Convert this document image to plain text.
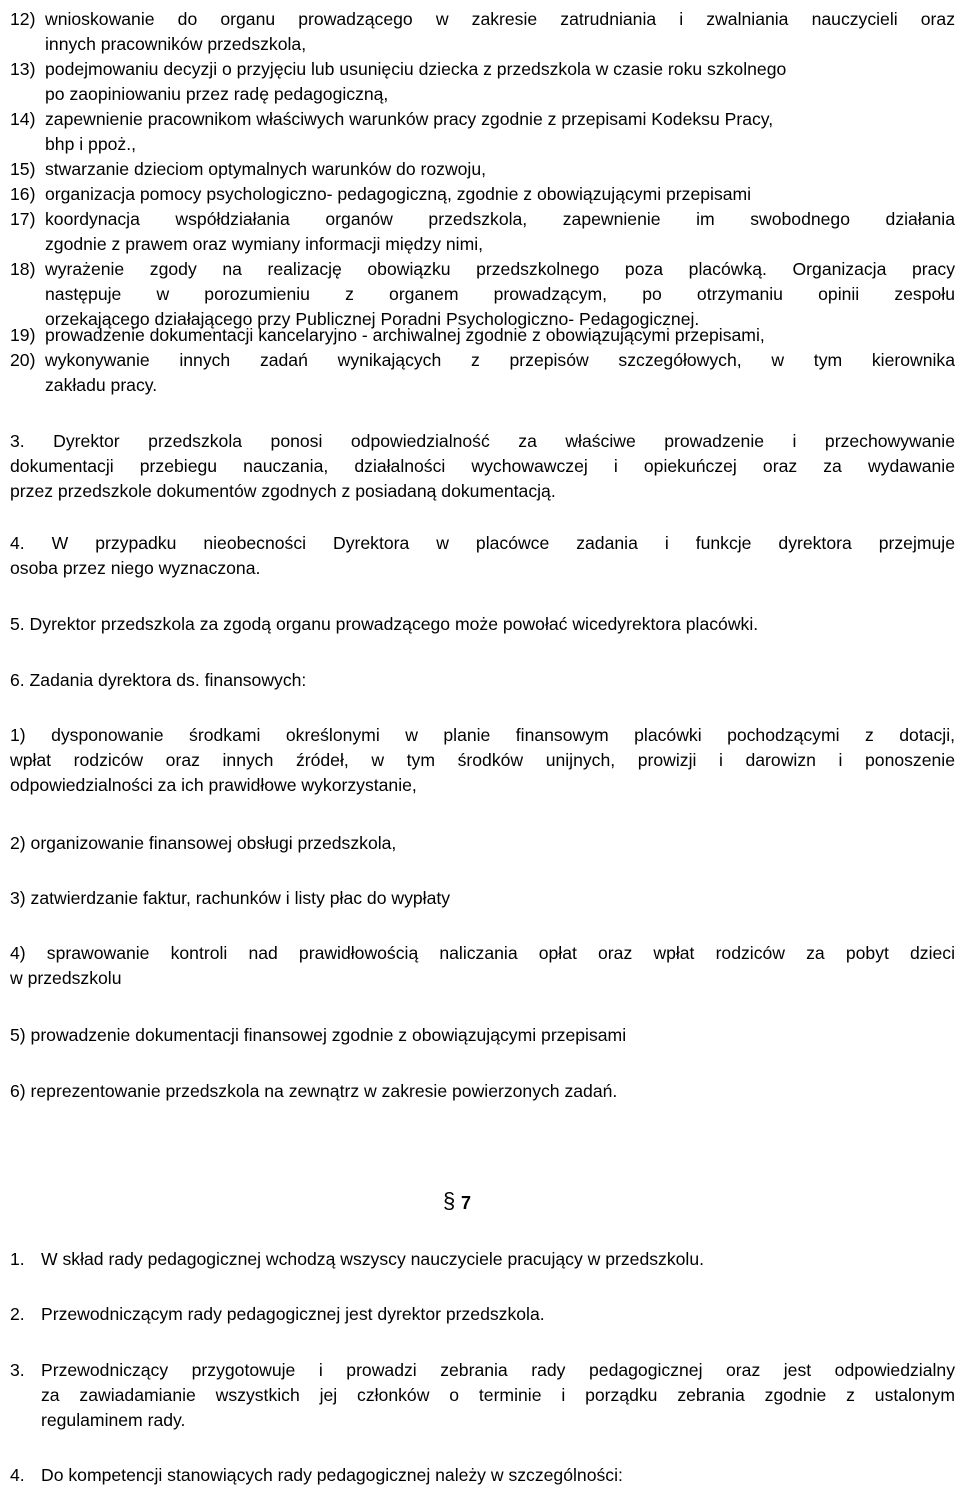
12) wnioskowanie do organu prowadzącego w zakresie zatrudniania i zwalniania nauczycieli oraz
innych pracowników przedszkola,
13) podejmowaniu decyzji o przyjęciu lub usunięciu dziecka z przedszkola w czasie roku szkolnego
po zaopiniowaniu przez radę pedagogiczną,
14) zapewnienie pracownikom właściwych warunków pracy zgodnie z przepisami Kodeksu Pracy,
bhp i ppoż.,
15) stwarzanie dzieciom optymalnych warunków do rozwoju,
16) organizacja pomocy psychologiczno- pedagogiczną, zgodnie z obowiązującymi przepisami
17) koordynacja współdziałania organów przedszkola, zapewnienie im swobodnego działania
zgodnie z prawem oraz wymiany informacji między nimi,
18) wyrażenie zgody na realizację obowiązku przedszkolnego poza placówką. Organizacja pracy
następuje w porozumieniu z organem prowadzącym, po otrzymaniu opinii zespołu
orzekającego działającego przy Publicznej Poradni Psychologiczno- Pedagogicznej.
19) prowadzenie dokumentacji kancelaryjno - archiwalnej zgodnie z obowiązującymi przepisami,
20) wykonywanie innych zadań wynikających z przepisów szczegółowych, w tym kierownika
zakładu pracy.
3. Dyrektor przedszkola ponosi odpowiedzialność za właściwe prowadzenie i przechowywanie
dokumentacji przebiegu nauczania, działalności wychowawczej i opiekuńczej oraz za wydawanie
przez przedszkole dokumentów zgodnych z posiadaną dokumentacją.
4. W przypadku nieobecności Dyrektora w placówce zadania i funkcje dyrektora przejmuje
osoba przez niego wyznaczona.
5. Dyrektor przedszkola za zgodą organu prowadzącego może powołać wicedyrektora placówki.
6. Zadania dyrektora ds. finansowych:
1) dysponowanie środkami określonymi w planie finansowym placówki pochodzącymi z dotacji,
wpłat rodziców oraz innych źródeł, w tym środków unijnych, prowizji i darowizn i ponoszenie
odpowiedzialności za ich prawidłowe wykorzystanie,
2) organizowanie finansowej obsługi przedszkola,
3) zatwierdzanie faktur, rachunków i listy płac do wypłaty
4) sprawowanie kontroli nad prawidłowością naliczania opłat oraz wpłat rodziców za pobyt dzieci
w przedszkolu
5) prowadzenie dokumentacji finansowej zgodnie z obowiązującymi przepisami
6) reprezentowanie przedszkola na zewnątrz w zakresie powierzonych zadań.
§ 7
1. W skład rady pedagogicznej wchodzą wszyscy nauczyciele pracujący w przedszkolu.
2. Przewodniczącym rady pedagogicznej jest dyrektor przedszkola.
3. Przewodniczący przygotowuje i prowadzi zebrania rady pedagogicznej oraz jest odpowiedzialny
za zawiadamianie wszystkich jej członków o terminie i porządku zebrania zgodnie z ustalonym
regulaminem rady.
4. Do kompetencji stanowiących rady pedagogicznej należy w szczególności:
